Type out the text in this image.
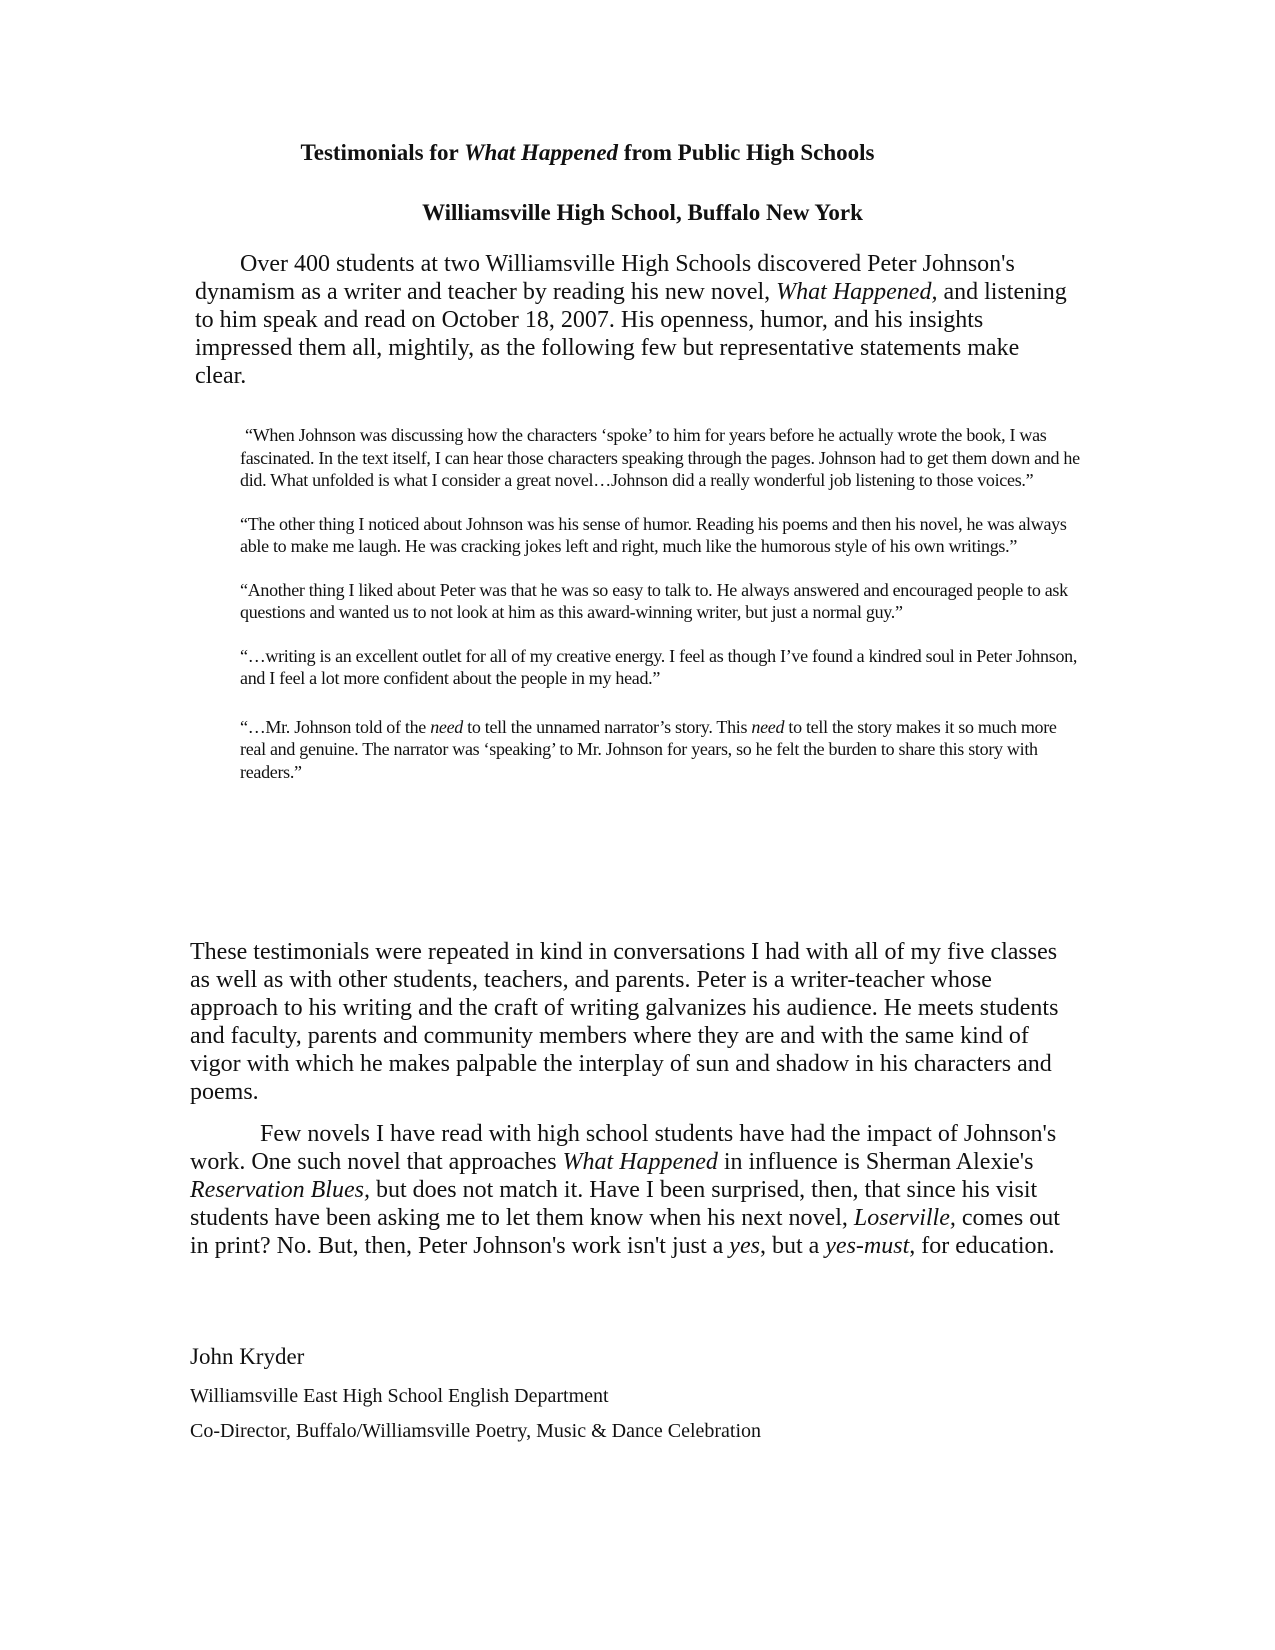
Testimonials for What Happened from Public High Schools
Williamsville High School, Buffalo New York

Over 400 students at two Williamsville High Schools discovered Peter Johnson's dynamism as a writer and teacher by reading his new novel, What Happened, and listening to him speak and read on October 18, 2007. His openness, humor, and his insights impressed them all, mightily, as the following few but representative statements make clear.

“When Johnson was discussing how the characters ‘spoke’ to him for years before he actually wrote the book, I was fascinated. In the text itself, I can hear those characters speaking through the pages. Johnson had to get them down and he did. What unfolded is what I consider a great novel…Johnson did a really wonderful job listening to those voices.”

“The other thing I noticed about Johnson was his sense of humor. Reading his poems and then his novel, he was always able to make me laugh. He was cracking jokes left and right, much like the humorous style of his own writings.”

“Another thing I liked about Peter was that he was so easy to talk to. He always answered and encouraged people to ask questions and wanted us to not look at him as this award-winning writer, but just a normal guy.”

“…writing is an excellent outlet for all of my creative energy. I feel as though I’ve found a kindred soul in Peter Johnson, and I feel a lot more confident about the people in my head.”

“…Mr. Johnson told of the need to tell the unnamed narrator’s story. This need to tell the story makes it so much more real and genuine. The narrator was ‘speaking’ to Mr. Johnson for years, so he felt the burden to share this story with readers.”

These testimonials were repeated in kind in conversations I had with all of my five classes as well as with other students, teachers, and parents. Peter is a writer-teacher whose approach to his writing and the craft of writing galvanizes his audience. He meets students and faculty, parents and community members where they are and with the same kind of vigor with which he makes palpable the interplay of sun and shadow in his characters and poems.

Few novels I have read with high school students have had the impact of Johnson's work. One such novel that approaches What Happened in influence is Sherman Alexie's Reservation Blues, but does not match it. Have I been surprised, then, that since his visit students have been asking me to let them know when his next novel, Loserville, comes out in print? No. But, then, Peter Johnson's work isn't just a yes, but a yes-must, for education.

John Kryder

Williamsville East High School English Department

Co-Director, Buffalo/Williamsville Poetry, Music & Dance Celebration
